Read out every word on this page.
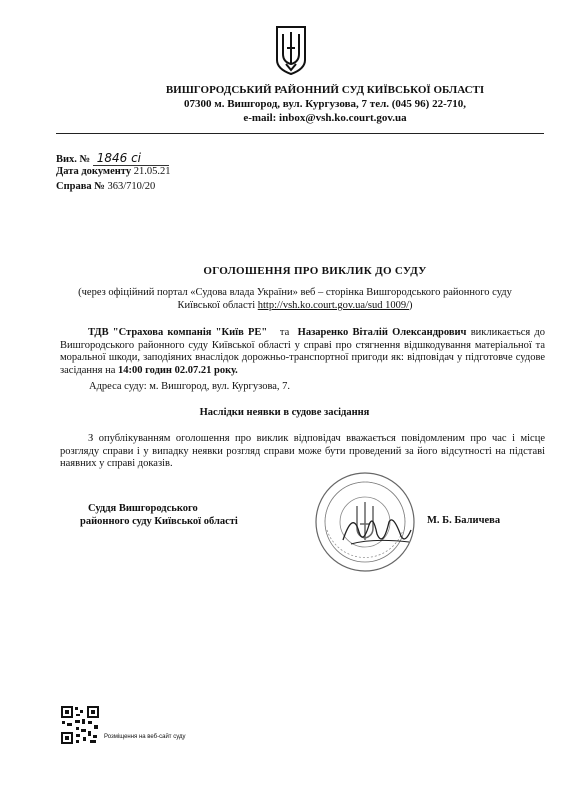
ВИШГОРОДСЬКИЙ РАЙОННИЙ СУД КИЇВСЬКОЇ ОБЛАСТІ
07300 м. Вишгород, вул. Кургузова, 7 тел. (045 96) 22-710,
e-mail: inbox@vsh.ko.court.gov.ua
Вих. № 1846 сі
Дата документу 21.05.21
Справа № 363/710/20
ОГОЛОШЕННЯ ПРО ВИКЛИК ДО СУДУ
(через офіційний портал «Судова влада України» веб – сторінка Вишгородського районного суду
Київської області http://vsh.ko.court.gov.ua/sud 1009/)
ТДВ "Страхова компанія "Київ РЕ" та Назаренко Віталій Олександрович викликається до Вишгородського районного суду Київської області у справі про стягнення відшкодування матеріальної та моральної шкоди, заподіяних внаслідок дорожньо-транспортної пригоди як: відповідач у підготовче судове засідання на 14:00 годин 02.07.21 року.
Адреса суду: м. Вишгород, вул. Кургузова, 7.
Наслідки неявки в судове засідання
З опублікуванням оголошення про виклик відповідач вважається повідомленим про час і місце розгляду справи і у випадку неявки розгляд справи може бути проведений за його відсутності на підставі наявних у справі доказів.
Суддя Вишгородського
районного суду Київської області	М. Б. Баличева
Розміщення на веб-сайт суду
